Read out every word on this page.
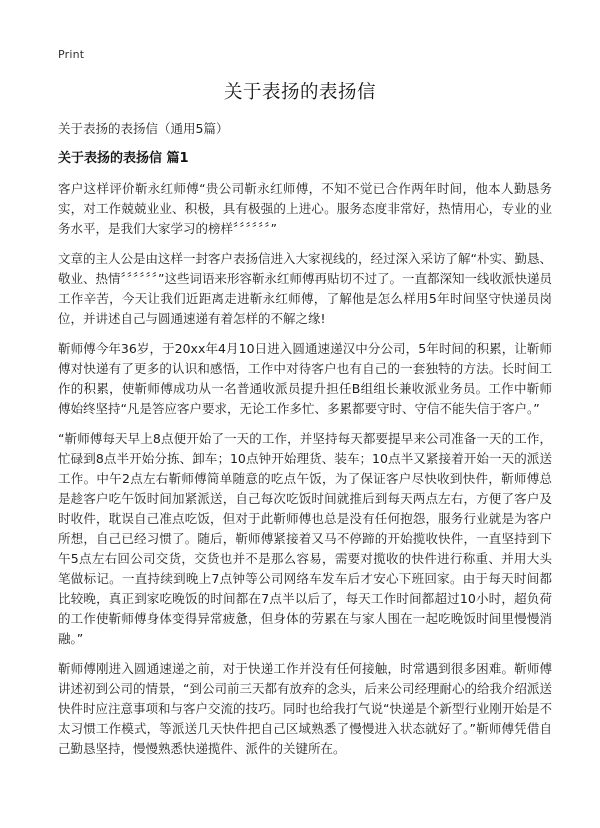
Print
关于表扬的表扬信

关于表扬的表扬信（通用5篇）

关于表扬的表扬信 篇1

客户这样评价靳永红师傅“贵公司靳永红师傅，不知不觉已合作两年时间，他本人勤恳务实，对工作兢兢业业、积极，具有极强的上进心。服务态度非常好，热情用心，专业的业务水平，是我们大家学习的榜样〞〞〞〞〞〞”

文章的主人公是由这样一封客户表扬信进入大家视线的，经过深入采访了解“朴实、勤恳、敬业、热情〞〞〞〞〞〞”这些词语来形容靳永红师傅再贴切不过了。一直都深知一线收派快递员工作辛苦，今天让我们近距离走进靳永红师傅，了解他是怎么样用5年时间坚守快递员岗位，并讲述自己与圆通速递有着怎样的不解之缘!

靳师傅今年36岁，于20xx年4月10日进入圆通速递汉中分公司，5年时间的积累，让靳师傅对快递有了更多的认识和感悟，工作中对待客户也有自己的一套独特的方法。长时间工作的积累，使靳师傅成功从一名普通收派员提升担任B组组长兼收派业务员。工作中靳师傅始终坚持“凡是答应客户要求，无论工作多忙、多累都要守时、守信不能失信于客户。”

“靳师傅每天早上8点便开始了一天的工作，并坚持每天都要提早来公司准备一天的工作，忙碌到8点半开始分拣、卸车；10点钟开始理货、装车；10点半又紧接着开始一天的派送工作。中午2点左右靳师傅简单随意的吃点午饭，为了保证客户尽快收到快件，靳师傅总是趁客户吃午饭时间加紧派送，自己每次吃饭时间就推后到每天两点左右，方便了客户及时收件，耽误自己准点吃饭，但对于此靳师傅也总是没有任何抱怨，服务行业就是为客户所想，自己已经习惯了。随后，靳师傅紧接着又马不停蹄的开始揽收快件，一直坚持到下午5点左右回公司交货，交货也并不是那么容易，需要对揽收的快件进行称重、并用大头笔做标记。一直持续到晚上7点钟等公司网络车发车后才安心下班回家。由于每天时间都比较晚，真正到家吃晚饭的时间都在7点半以后了，每天工作时间都超过10小时，超负荷的工作使靳师傅身体变得异常疲惫，但身体的劳累在与家人围在一起吃晚饭时间里慢慢消融。”

靳师傅刚进入圆通速递之前，对于快递工作并没有任何接触，时常遇到很多困难。靳师傅讲述初到公司的情景，“到公司前三天都有放弃的念头，后来公司经理耐心的给我介绍派送快件时应注意事项和与客户交流的技巧。同时也给我打气说“快递是个新型行业刚开始是不太习惯工作模式，等派送几天快件把自己区域熟悉了慢慢进入状态就好了。”靳师傅凭借自己勤恳坚持，慢慢熟悉快递揽件、派件的关键所在。
